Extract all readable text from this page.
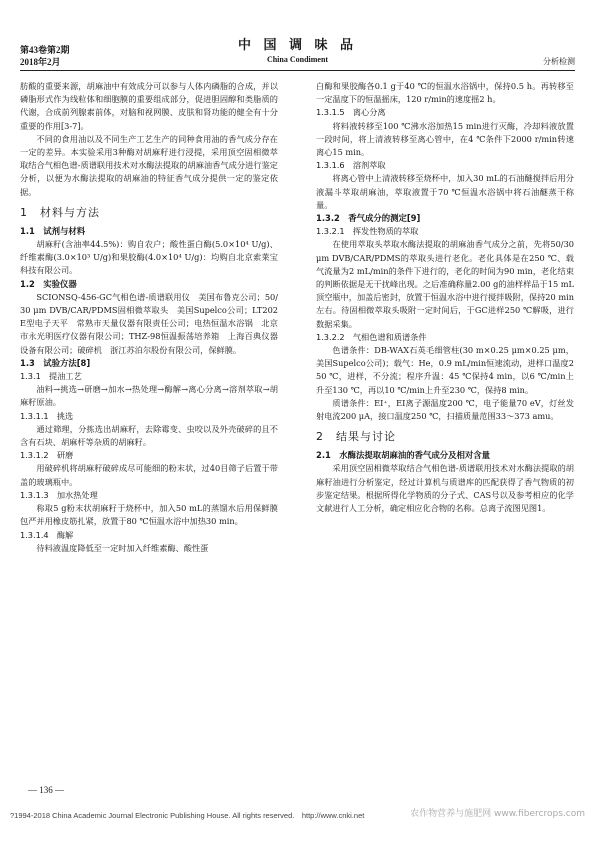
第43卷第2期
2018年2月
中 国 调 味 品
China Condiment	分析检测

肪酸的重要来源，胡麻油中有效成分可以参与人体内磷脂的合成，并以磷脂形式作为线粒体和细胞膜的重要组成部分，促进胆固醇和类脂质的代谢，合成前列腺素前体，对脑和视网膜、皮肤和肾功能的健全有十分重要的作用[3-7]。

不同的食用油以及不同生产工艺生产的同种食用油的香气成分存在一定的差异。本实验采用3种酶对胡麻籽进行浸提，采用顶空固相微萃取结合气相色谱-质谱联用技术对水酶法提取的胡麻油香气成分进行鉴定分析，以便为水酶法提取的胡麻油的特征香气成分提供一定的鉴定依据。

1　材料与方法
1.1　试剂与材料

胡麻籽(含油率44.5%)：购自农户；酸性蛋白酶(5.0×10⁴ U/g)、纤维素酶(3.0×10³ U/g)和果胶酶(4.0×10⁴ U/g)：均购自北京索莱宝科技有限公司。

1.2　实验仪器

SCIONSQ-456-GC气相色谱-质谱联用仪　美国布鲁克公司；50/30 μm DVB/CAR/PDMS固相微萃取头　美国Supelco公司；LT202E型电子天平　常熟市天量仪器有限责任公司；电热恒温水浴锅　北京市永光明医疗仪器有限公司；THZ-98恒温振荡培养箱　上海百典仪器设备有限公司；破碎机　浙江苏泊尔股份有限公司，保鲜膜。

1.3　试验方法[8]
1.3.1　提油工艺

油料→挑选→研磨→加水→热处理→酶解→离心分离→溶剂萃取→胡麻籽原油。

1.3.1.1　挑选

通过筛理，分拣选出胡麻籽，去除霉变、虫咬以及外壳破碎的且不含有石块、胡麻杆等杂质的胡麻籽。

1.3.1.2　研磨

用破碎机将胡麻籽破碎成尽可能细的粉末状，过40目筛子后置于带盖的玻璃瓶中。

1.3.1.3　加水热处理

称取5 g粉末状胡麻籽于烧杯中，加入50 mL的蒸馏水后用保鲜膜包严并用橡皮筋扎紧，放置于80 ℃恒温水浴中加热30 min。

1.3.1.4　酶解

待料液温度降低至一定时加入纤维素酶、酸性蛋

白酶和果胶酶各0.1 g于40 ℃的恒温水浴锅中，保持0.5 h。再转移至一定温度下的恒温摇床，120 r/min的速度摇2 h。

1.3.1.5　离心分离

将料液转移至100 ℃沸水浴加热15 min进行灭酶，冷却料液放置一段时间，将上清液转移至离心管中，在4 ℃条件下2000 r/min转速离心15 min。

1.3.1.6　溶剂萃取

将离心管中上清液转移至烧杯中，加入30 mL的石油醚搅拌后用分液漏斗萃取胡麻油，萃取液置于70 ℃恒温水浴锅中将石油醚蒸干称量。

1.3.2　香气成分的测定[9]
1.3.2.1　挥发性物质的萃取

在使用萃取头萃取水酶法提取的胡麻油香气成分之前，先将50/30 μm DVB/CAR/PDMS的萃取头进行老化。老化具体是在250 ℃、载气流量为2 mL/min的条件下进行的，老化的时间为90 min，老化结束的判断依据是无干扰峰出现。之后准确称量2.00 g的油样样品于15 mL顶空瓶中，加盖后密封，放置于恒温水浴中进行搅拌吸附，保持20 min左右。待固相微萃取头吸附一定时间后，于GC进样250 ℃解吸，进行数据采集。

1.3.2.2　气相色谱和质谱条件

色谱条件：DB-WAX石英毛细管柱(30 m×0.25 μm×0.25 μm，美国Supelco公司)；载气：He，0.9 mL/min恒速流动，进样口温度250 ℃，进样，不分流；程序升温：45 ℃保持4 min，以6 ℃/min上升至130 ℃，再以10 ℃/min上升至230 ℃，保持8 min。

质谱条件：EI⁺，EI离子源温度200 ℃，电子能量70 eV，灯丝发射电流200 μA，接口温度250 ℃，扫描质量范围33～373 amu。

2　结果与讨论
2.1　水酶法提取胡麻油的香气成分及相对含量

采用顶空固相微萃取结合气相色谱-质谱联用技术对水酶法提取的胡麻籽油进行分析鉴定，经过计算机与质谱库的匹配获得了香气物质的初步鉴定结果。根据所得化学物质的分子式、CAS号以及参考相应的化学文献进行人工分析，确定相应化合物的名称。总离子流图见图1。

— 136 —
?1994-2018 China Academic Journal Electronic Publishing House. All rights reserved.　http://www.cnki.net	农作物营养与施肥网 www.fibercrops.com
